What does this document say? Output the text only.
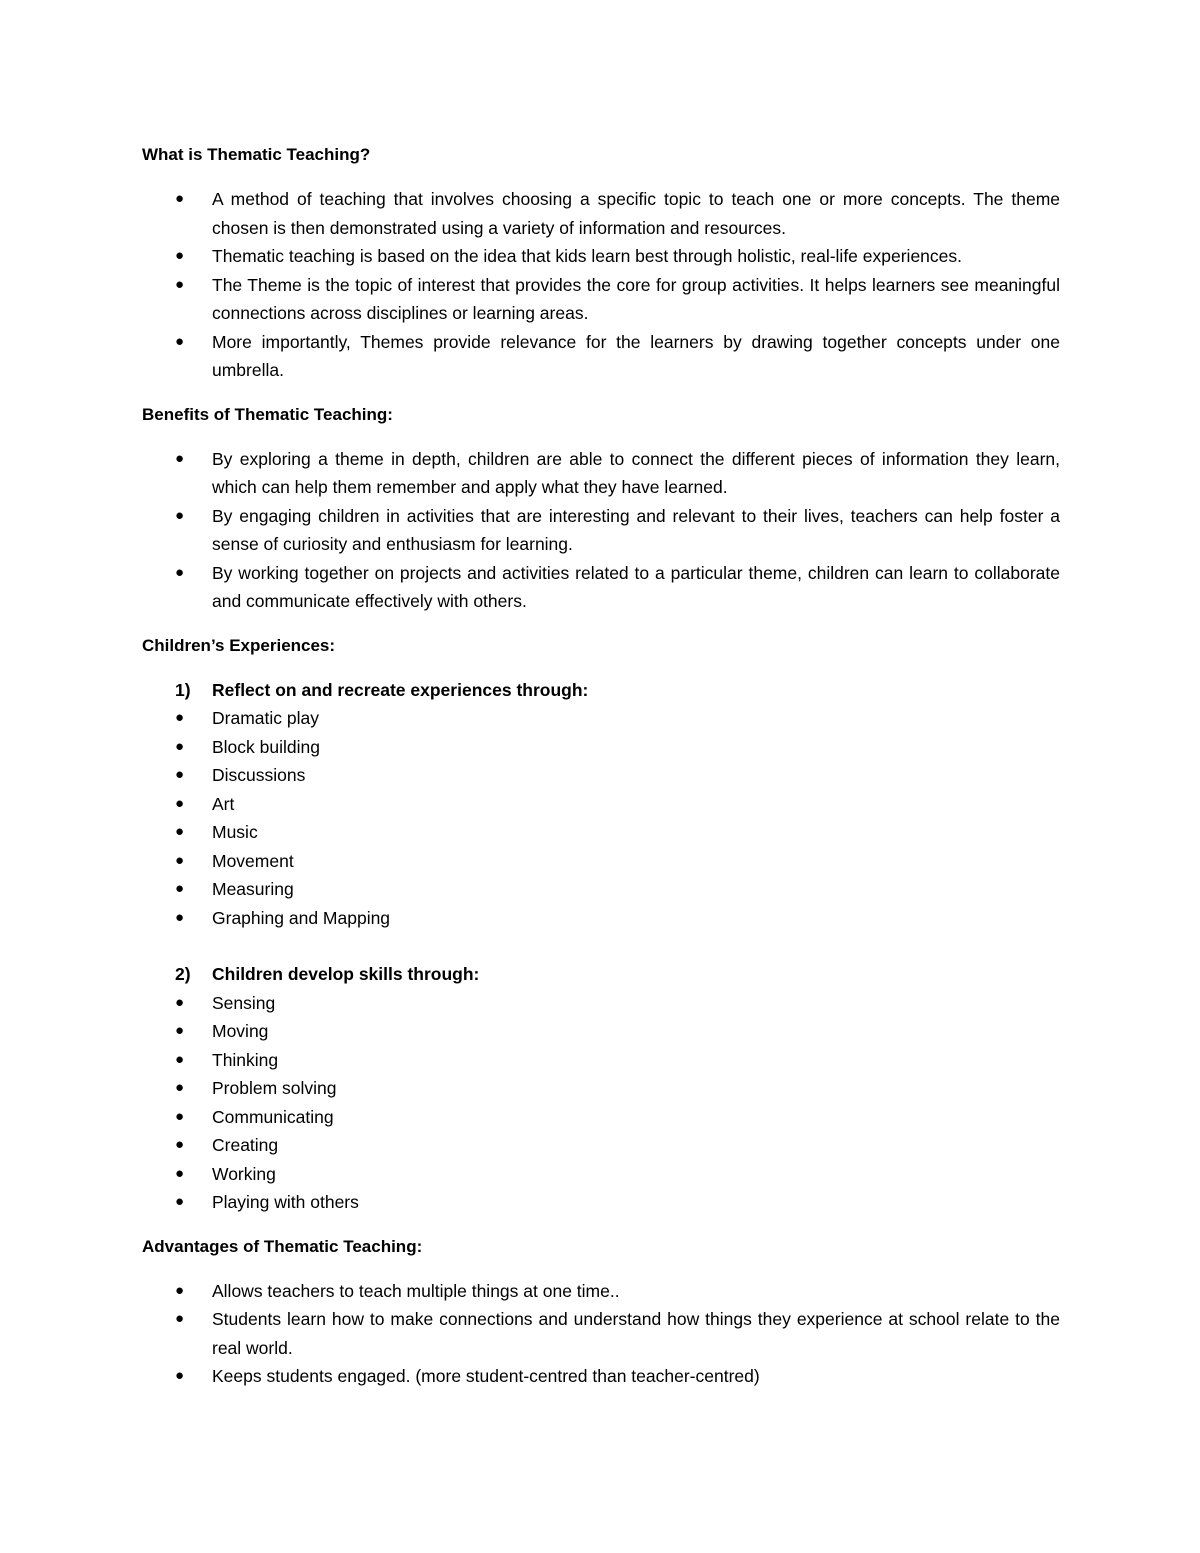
What is Thematic Teaching?
● A method of teaching that involves choosing a specific topic to teach one or more concepts. The theme chosen is then demonstrated using a variety of information and resources.
● Thematic teaching is based on the idea that kids learn best through holistic, real-life experiences.
● The Theme is the topic of interest that provides the core for group activities. It helps learners see meaningful connections across disciplines or learning areas.
● More importantly, Themes provide relevance for the learners by drawing together concepts under one umbrella.
Benefits of Thematic Teaching:
● By exploring a theme in depth, children are able to connect the different pieces of information they learn, which can help them remember and apply what they have learned.
● By engaging children in activities that are interesting and relevant to their lives, teachers can help foster a sense of curiosity and enthusiasm for learning.
● By working together on projects and activities related to a particular theme, children can learn to collaborate and communicate effectively with others.
Children’s Experiences:
1) Reflect on and recreate experiences through:
● Dramatic play
● Block building
● Discussions
● Art
● Music
● Movement
● Measuring
● Graphing and Mapping
2) Children develop skills through:
● Sensing
● Moving
● Thinking
● Problem solving
● Communicating
● Creating
● Working
● Playing with others
Advantages of Thematic Teaching:
● Allows teachers to teach multiple things at one time..
● Students learn how to make connections and understand how things they experience at school relate to the real world.
● Keeps students engaged. (more student-centred than teacher-centred)
